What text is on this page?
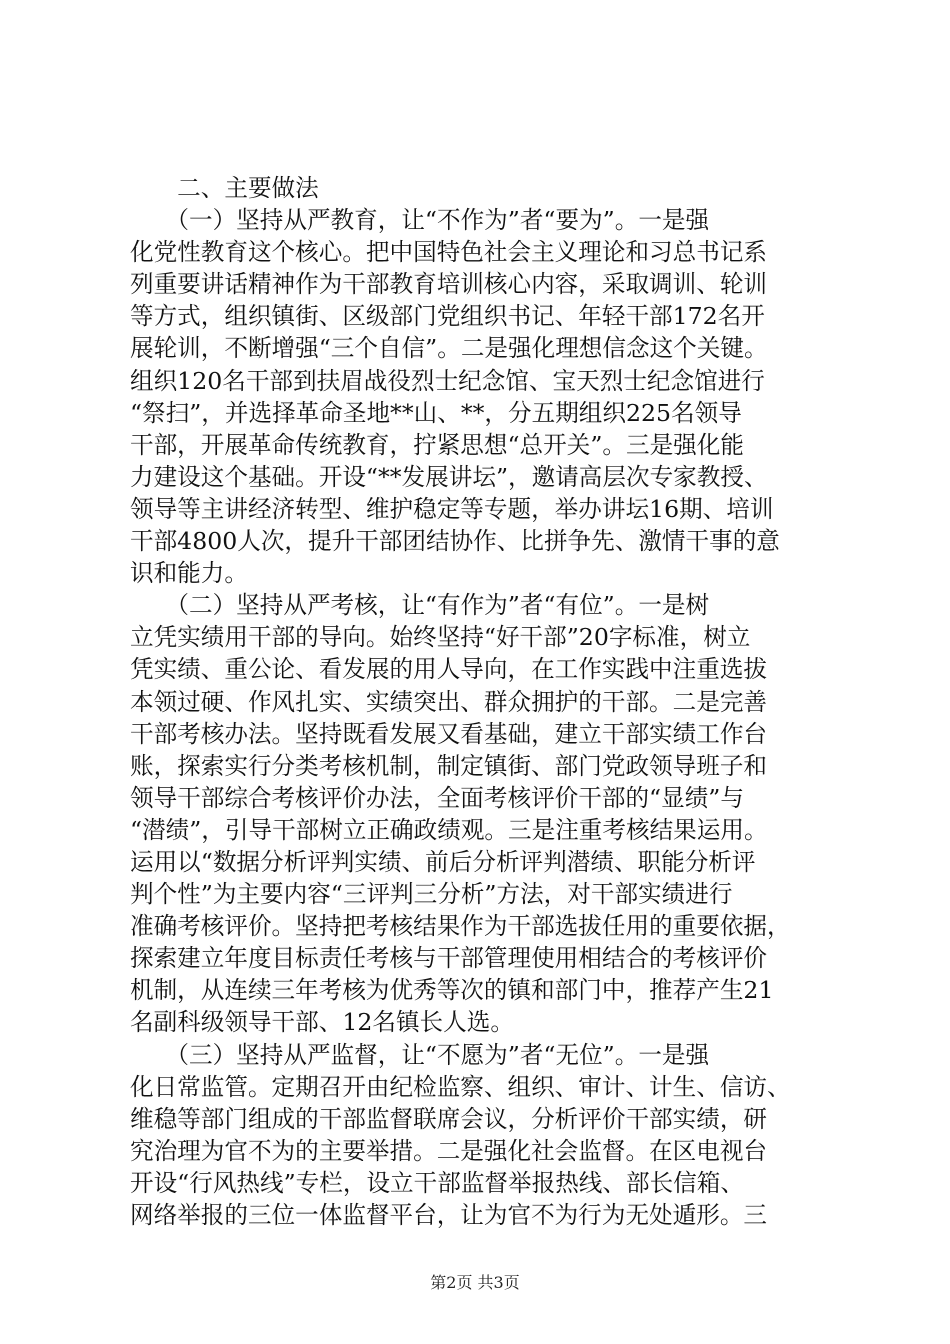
　　二、主要做法
　　（一）坚持从严教育，让“不作为”者“要为”。一是强
化党性教育这个核心。把中国特色社会主义理论和习总书记系
列重要讲话精神作为干部教育培训核心内容，采取调训、轮训
等方式，组织镇街、区级部门党组织书记、年轻干部172名开
展轮训，不断增强“三个自信”。二是强化理想信念这个关键。
组织120名干部到扶眉战役烈士纪念馆、宝天烈士纪念馆进行
“祭扫”，并选择革命圣地**山、**，分五期组织225名领导
干部，开展革命传统教育，拧紧思想“总开关”。三是强化能
力建设这个基础。开设“**发展讲坛”，邀请高层次专家教授、
领导等主讲经济转型、维护稳定等专题，举办讲坛16期、培训
干部4800人次，提升干部团结协作、比拼争先、激情干事的意
识和能力。
　　（二）坚持从严考核，让“有作为”者“有位”。一是树
立凭实绩用干部的导向。始终坚持“好干部”20字标准，树立
凭实绩、重公论、看发展的用人导向，在工作实践中注重选拔
本领过硬、作风扎实、实绩突出、群众拥护的干部。二是完善
干部考核办法。坚持既看发展又看基础，建立干部实绩工作台
账，探索实行分类考核机制，制定镇街、部门党政领导班子和
领导干部综合考核评价办法，全面考核评价干部的“显绩”与
“潜绩”，引导干部树立正确政绩观。三是注重考核结果运用。
运用以“数据分析评判实绩、前后分析评判潜绩、职能分析评
判个性”为主要内容“三评判三分析”方法，对干部实绩进行
准确考核评价。坚持把考核结果作为干部选拔任用的重要依据，
探索建立年度目标责任考核与干部管理使用相结合的考核评价
机制，从连续三年考核为优秀等次的镇和部门中，推荐产生21
名副科级领导干部、12名镇长人选。
　　（三）坚持从严监督，让“不愿为”者“无位”。一是强
化日常监管。定期召开由纪检监察、组织、审计、计生、信访、
维稳等部门组成的干部监督联席会议，分析评价干部实绩，研
究治理为官不为的主要举措。二是强化社会监督。在区电视台
开设“行风热线”专栏，设立干部监督举报热线、部长信箱、
网络举报的三位一体监督平台，让为官不为行为无处遁形。三
第2页 共3页
